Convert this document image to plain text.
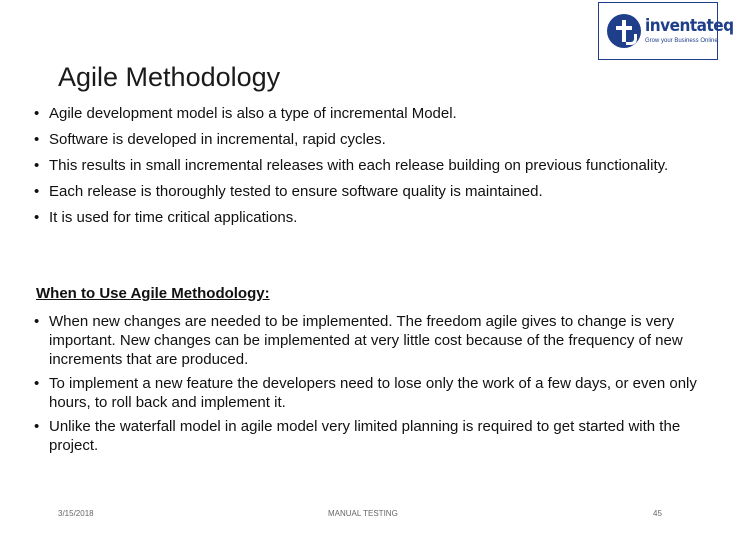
inventateq
Grow your Business Online
Agile Methodology
• Agile development model is also a type of incremental Model.
• Software is developed in incremental, rapid cycles.
• This results in small incremental releases with each release building on previous functionality.
• Each release is thoroughly tested to ensure software quality is maintained.
• It is used for time critical applications.

When to Use Agile Methodology:

• When new changes are needed to be implemented. The freedom agile gives to change is very important. New changes can be implemented at very little cost because of the frequency of new increments that are produced.
• To implement a new feature the developers need to lose only the work of a few days, or even only hours, to roll back and implement it.
• Unlike the waterfall model in agile model very limited planning is required to get started with the project.
3/15/2018	MANUAL TESTING	45
